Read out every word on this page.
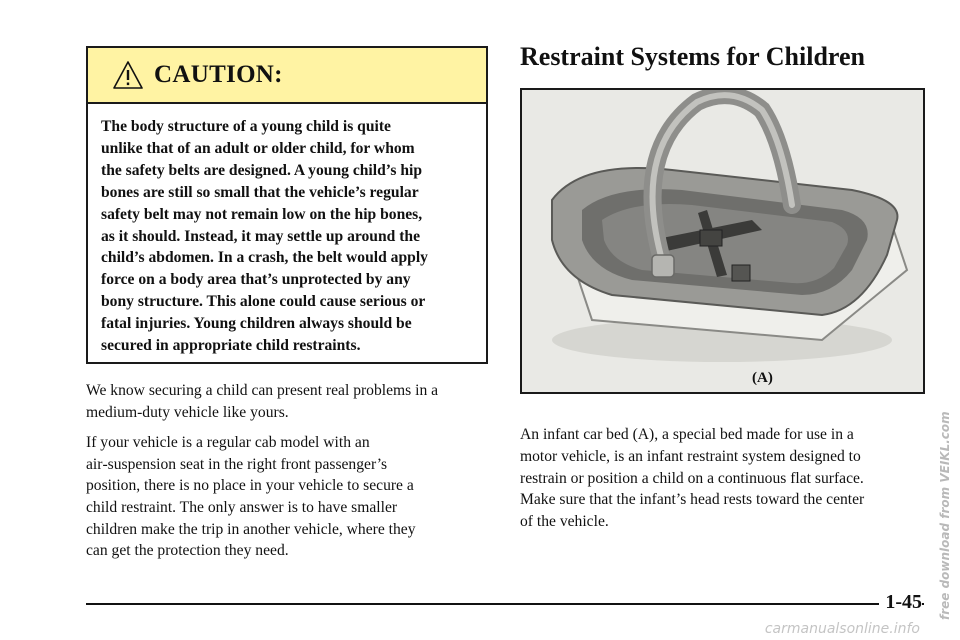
CAUTION:
The body structure of a young child is quite
unlike that of an adult or older child, for whom
the safety belts are designed. A young child’s hip
bones are still so small that the vehicle’s regular
safety belt may not remain low on the hip bones,
as it should. Instead, it may settle up around the
child’s abdomen. In a crash, the belt would apply
force on a body area that’s unprotected by any
bony structure. This alone could cause serious or
fatal injuries. Young children always should be
secured in appropriate child restraints.

We know securing a child can present real problems in a
medium‑duty vehicle like yours.

If your vehicle is a regular cab model with an
air‑suspension seat in the right front passenger’s
position, there is no place in your vehicle to secure a
child restraint. The only answer is to have smaller
children make the trip in another vehicle, where they
can get the protection they need.

Restraint Systems for Children
(A)

An infant car bed (A), a special bed made for use in a
motor vehicle, is an infant restraint system designed to
restrain or position a child on a continuous flat surface.
Make sure that the infant’s head rests toward the center
of the vehicle.

1-45 free download from VEIKL.com
carmanualsonline.info
